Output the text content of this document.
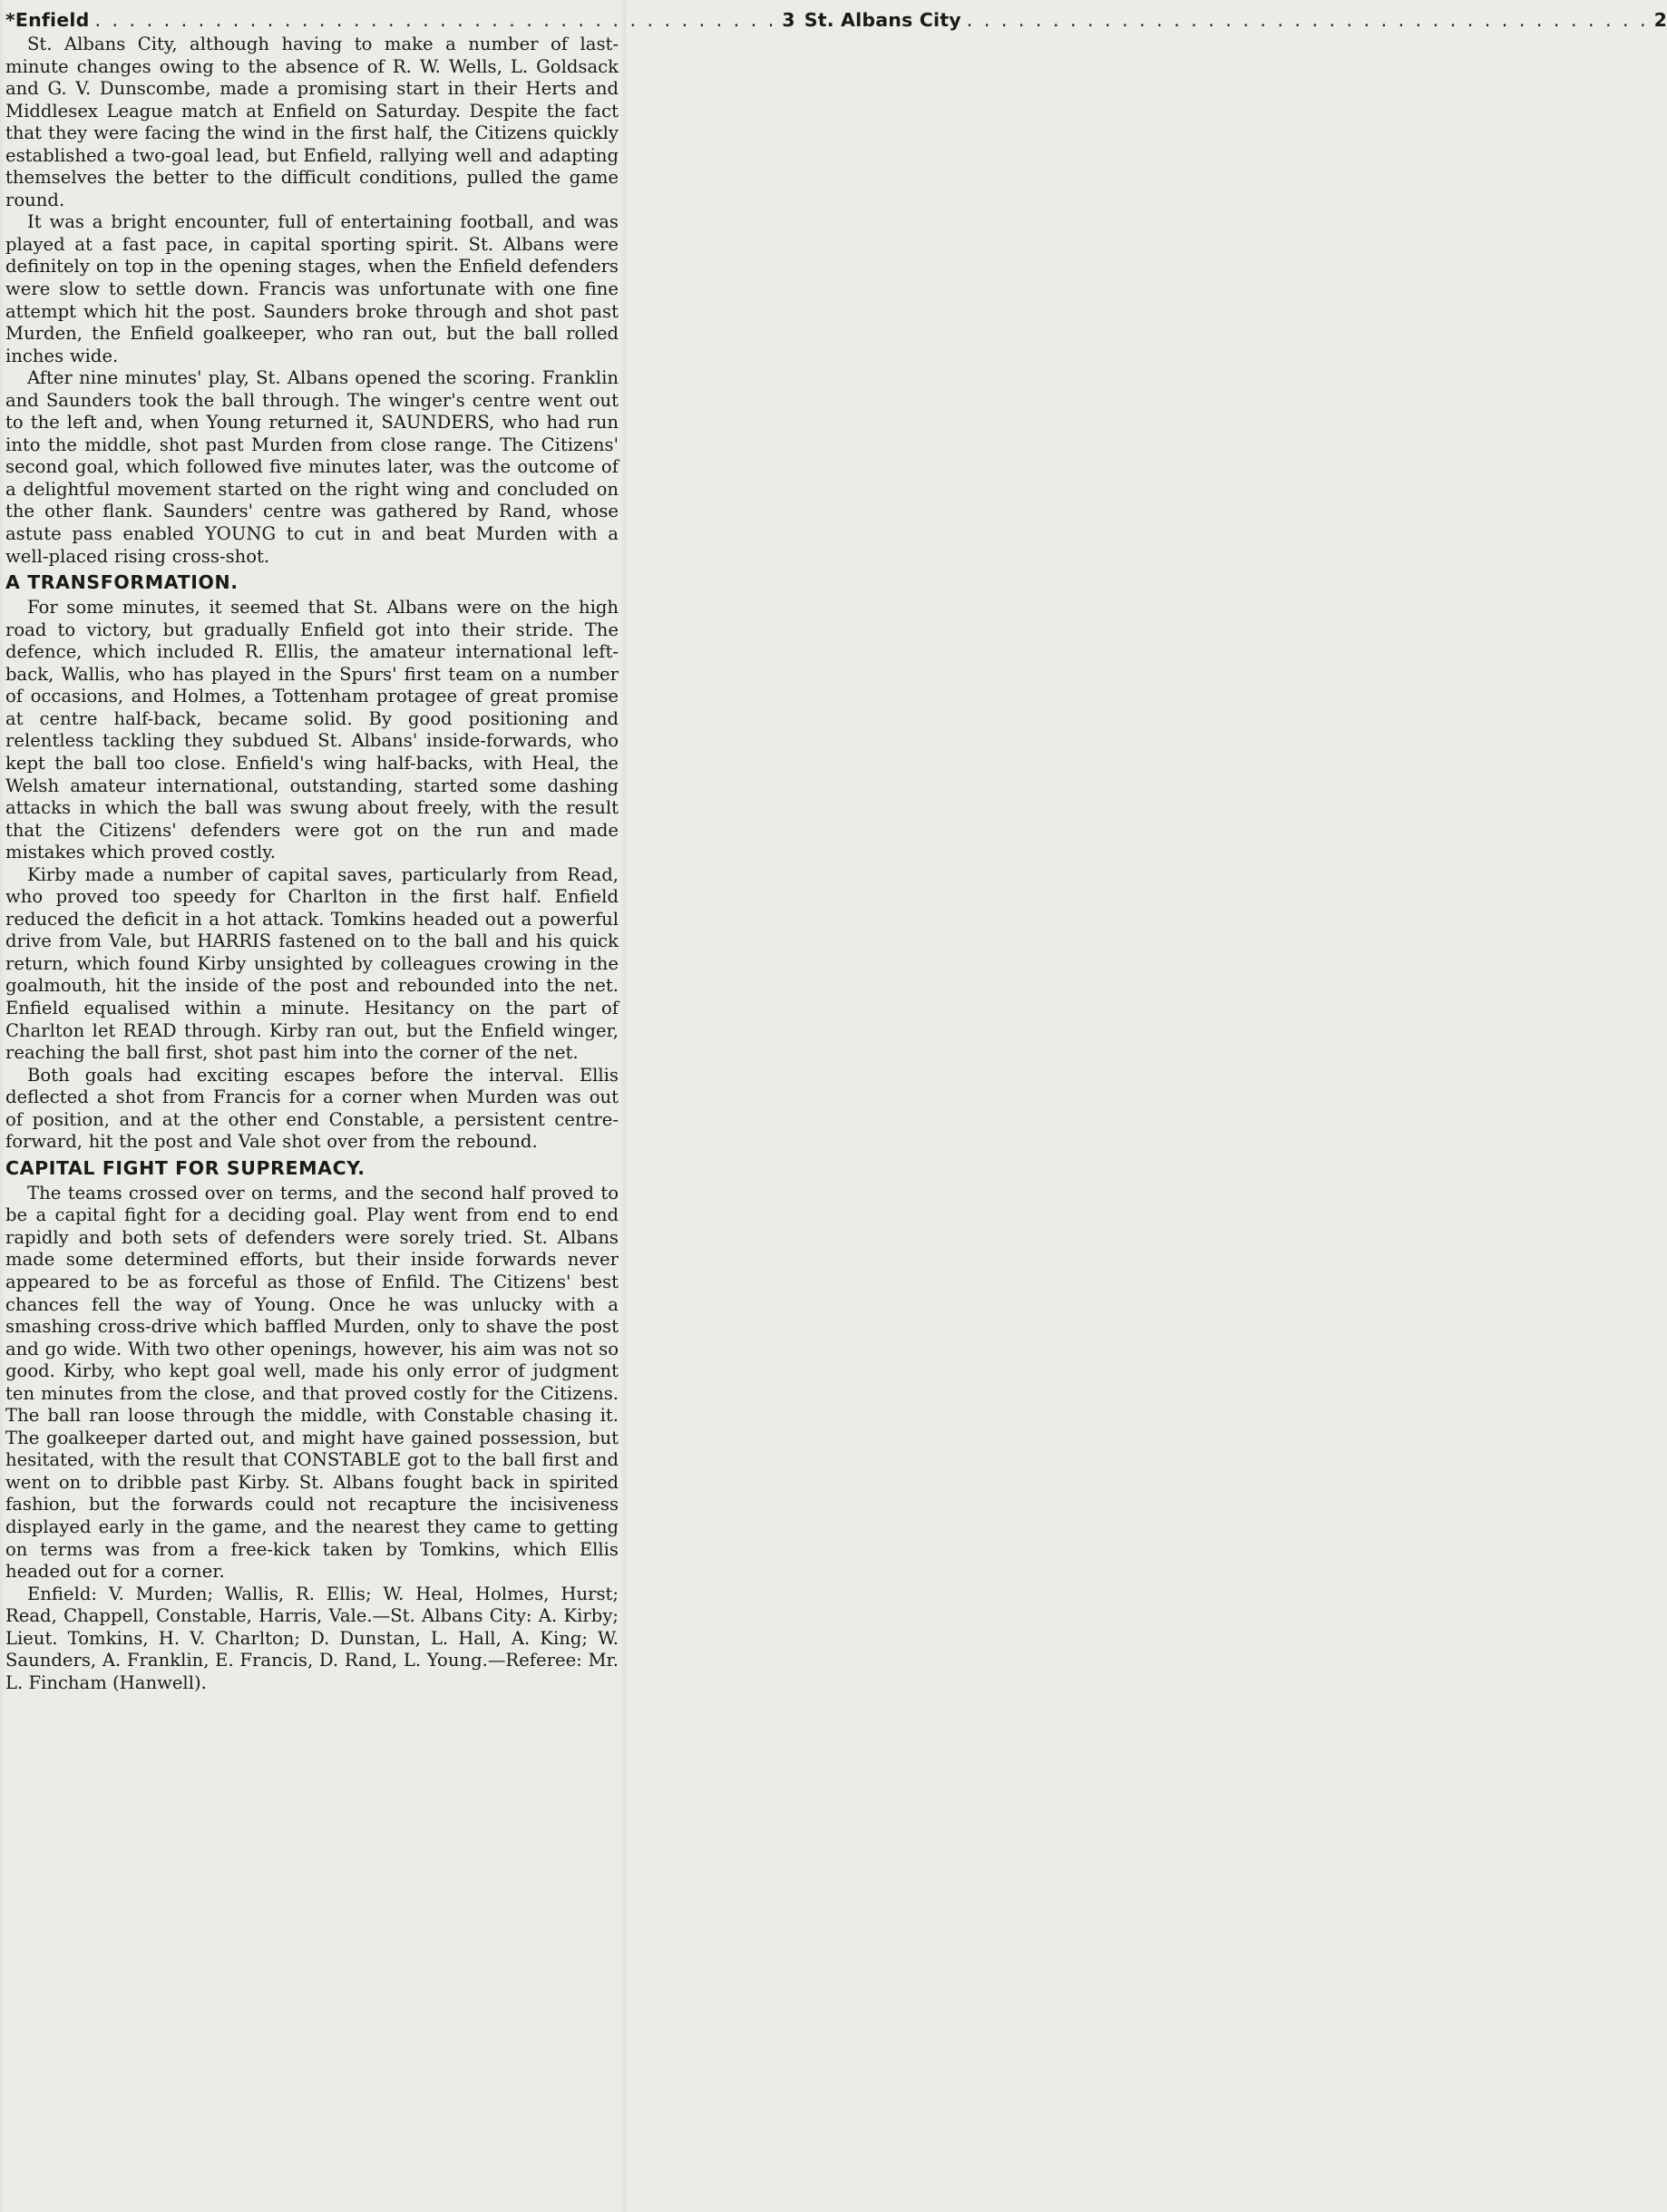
*Enfield . . .	3 St. Albans City . . .	2

St. Albans City, although having to make a number of last-minute changes owing to the absence of R. W. Wells, L. Goldsack and G. V. Dunscombe, made a promising start in their Herts and Middlesex League match at Enfield on Saturday. Despite the fact that they were facing the wind in the first half, the Citizens quickly established a two-goal lead, but Enfield, rallying well and adapting themselves the better to the difficult conditions, pulled the game round.

It was a bright encounter, full of entertaining football, and was played at a fast pace, in capital sporting spirit. St. Albans were definitely on top in the opening stages, when the Enfield defenders were slow to settle down. Francis was unfortunate with one fine attempt which hit the post. Saunders broke through and shot past Murden, the Enfield goalkeeper, who ran out, but the ball rolled inches wide.

After nine minutes' play, St. Albans opened the scoring. Franklin and Saunders took the ball through. The winger's centre went out to the left and, when Young returned it, SAUNDERS, who had run into the middle, shot past Murden from close range. The Citizens' second goal, which followed five minutes later, was the outcome of a delightful movement started on the right wing and concluded on the other flank. Saunders' centre was gathered by Rand, whose astute pass enabled YOUNG to cut in and beat Murden with a well-placed rising cross-shot.

A TRANSFORMATION.

For some minutes, it seemed that St. Albans were on the high road to victory, but gradually Enfield got into their stride. The defence, which included R. Ellis, the amateur international left-back, Wallis, who has played in the Spurs' first team on a number of occasions, and Holmes, a Tottenham protagee of great promise at centre half-back, became solid. By good positioning and relentless tackling they subdued St. Albans' inside-forwards, who kept the ball too close. Enfield's wing half-backs, with Heal, the Welsh amateur international, outstanding, started some dashing attacks in which the ball was swung about freely, with the result that the Citizens' defenders were got on the run and made mistakes which proved costly.

Kirby made a number of capital saves, particularly from Read, who proved too speedy for Charlton in the first half. Enfield reduced the deficit in a hot attack. Tomkins headed out a powerful drive from Vale, but HARRIS fastened on to the ball and his quick return, which found Kirby unsighted by colleagues crowing in the goalmouth, hit the inside of the post and rebounded into the net. Enfield equalised within a minute. Hesitancy on the part of Charlton let READ through. Kirby ran out, but the Enfield winger, reaching the ball first, shot past him into the corner of the net.

Both goals had exciting escapes before the interval. Ellis deflected a shot from Francis for a corner when Murden was out of position, and at the other end Constable, a persistent centre-forward, hit the post and Vale shot over from the rebound.

CAPITAL FIGHT FOR SUPREMACY.

The teams crossed over on terms, and the second half proved to be a capital fight for a deciding goal. Play went from end to end rapidly and both sets of defenders were sorely tried. St. Albans made some determined efforts, but their inside forwards never appeared to be as forceful as those of Enfild. The Citizens' best chances fell the way of Young. Once he was unlucky with a smashing cross-drive which baffled Murden, only to shave the post and go wide. With two other openings, however, his aim was not so good. Kirby, who kept goal well, made his only error of judgment ten minutes from the close, and that proved costly for the Citizens. The ball ran loose through the middle, with Constable chasing it. The goalkeeper darted out, and might have gained possession, but hesitated, with the result that CONSTABLE got to the ball first and went on to dribble past Kirby. St. Albans fought back in spirited fashion, but the forwards could not recapture the incisiveness displayed early in the game, and the nearest they came to getting on terms was from a free-kick taken by Tomkins, which Ellis headed out for a corner.

Enfield: V. Murden; Wallis, R. Ellis; W. Heal, Holmes, Hurst; Read, Chappell, Constable, Harris, Vale.—St. Albans City: A. Kirby; Lieut. Tomkins, H. V. Charlton; D. Dunstan, L. Hall, A. King; W. Saunders, A. Franklin, E. Francis, D. Rand, L. Young.—Referee: Mr. L. Fincham (Hanwell).
